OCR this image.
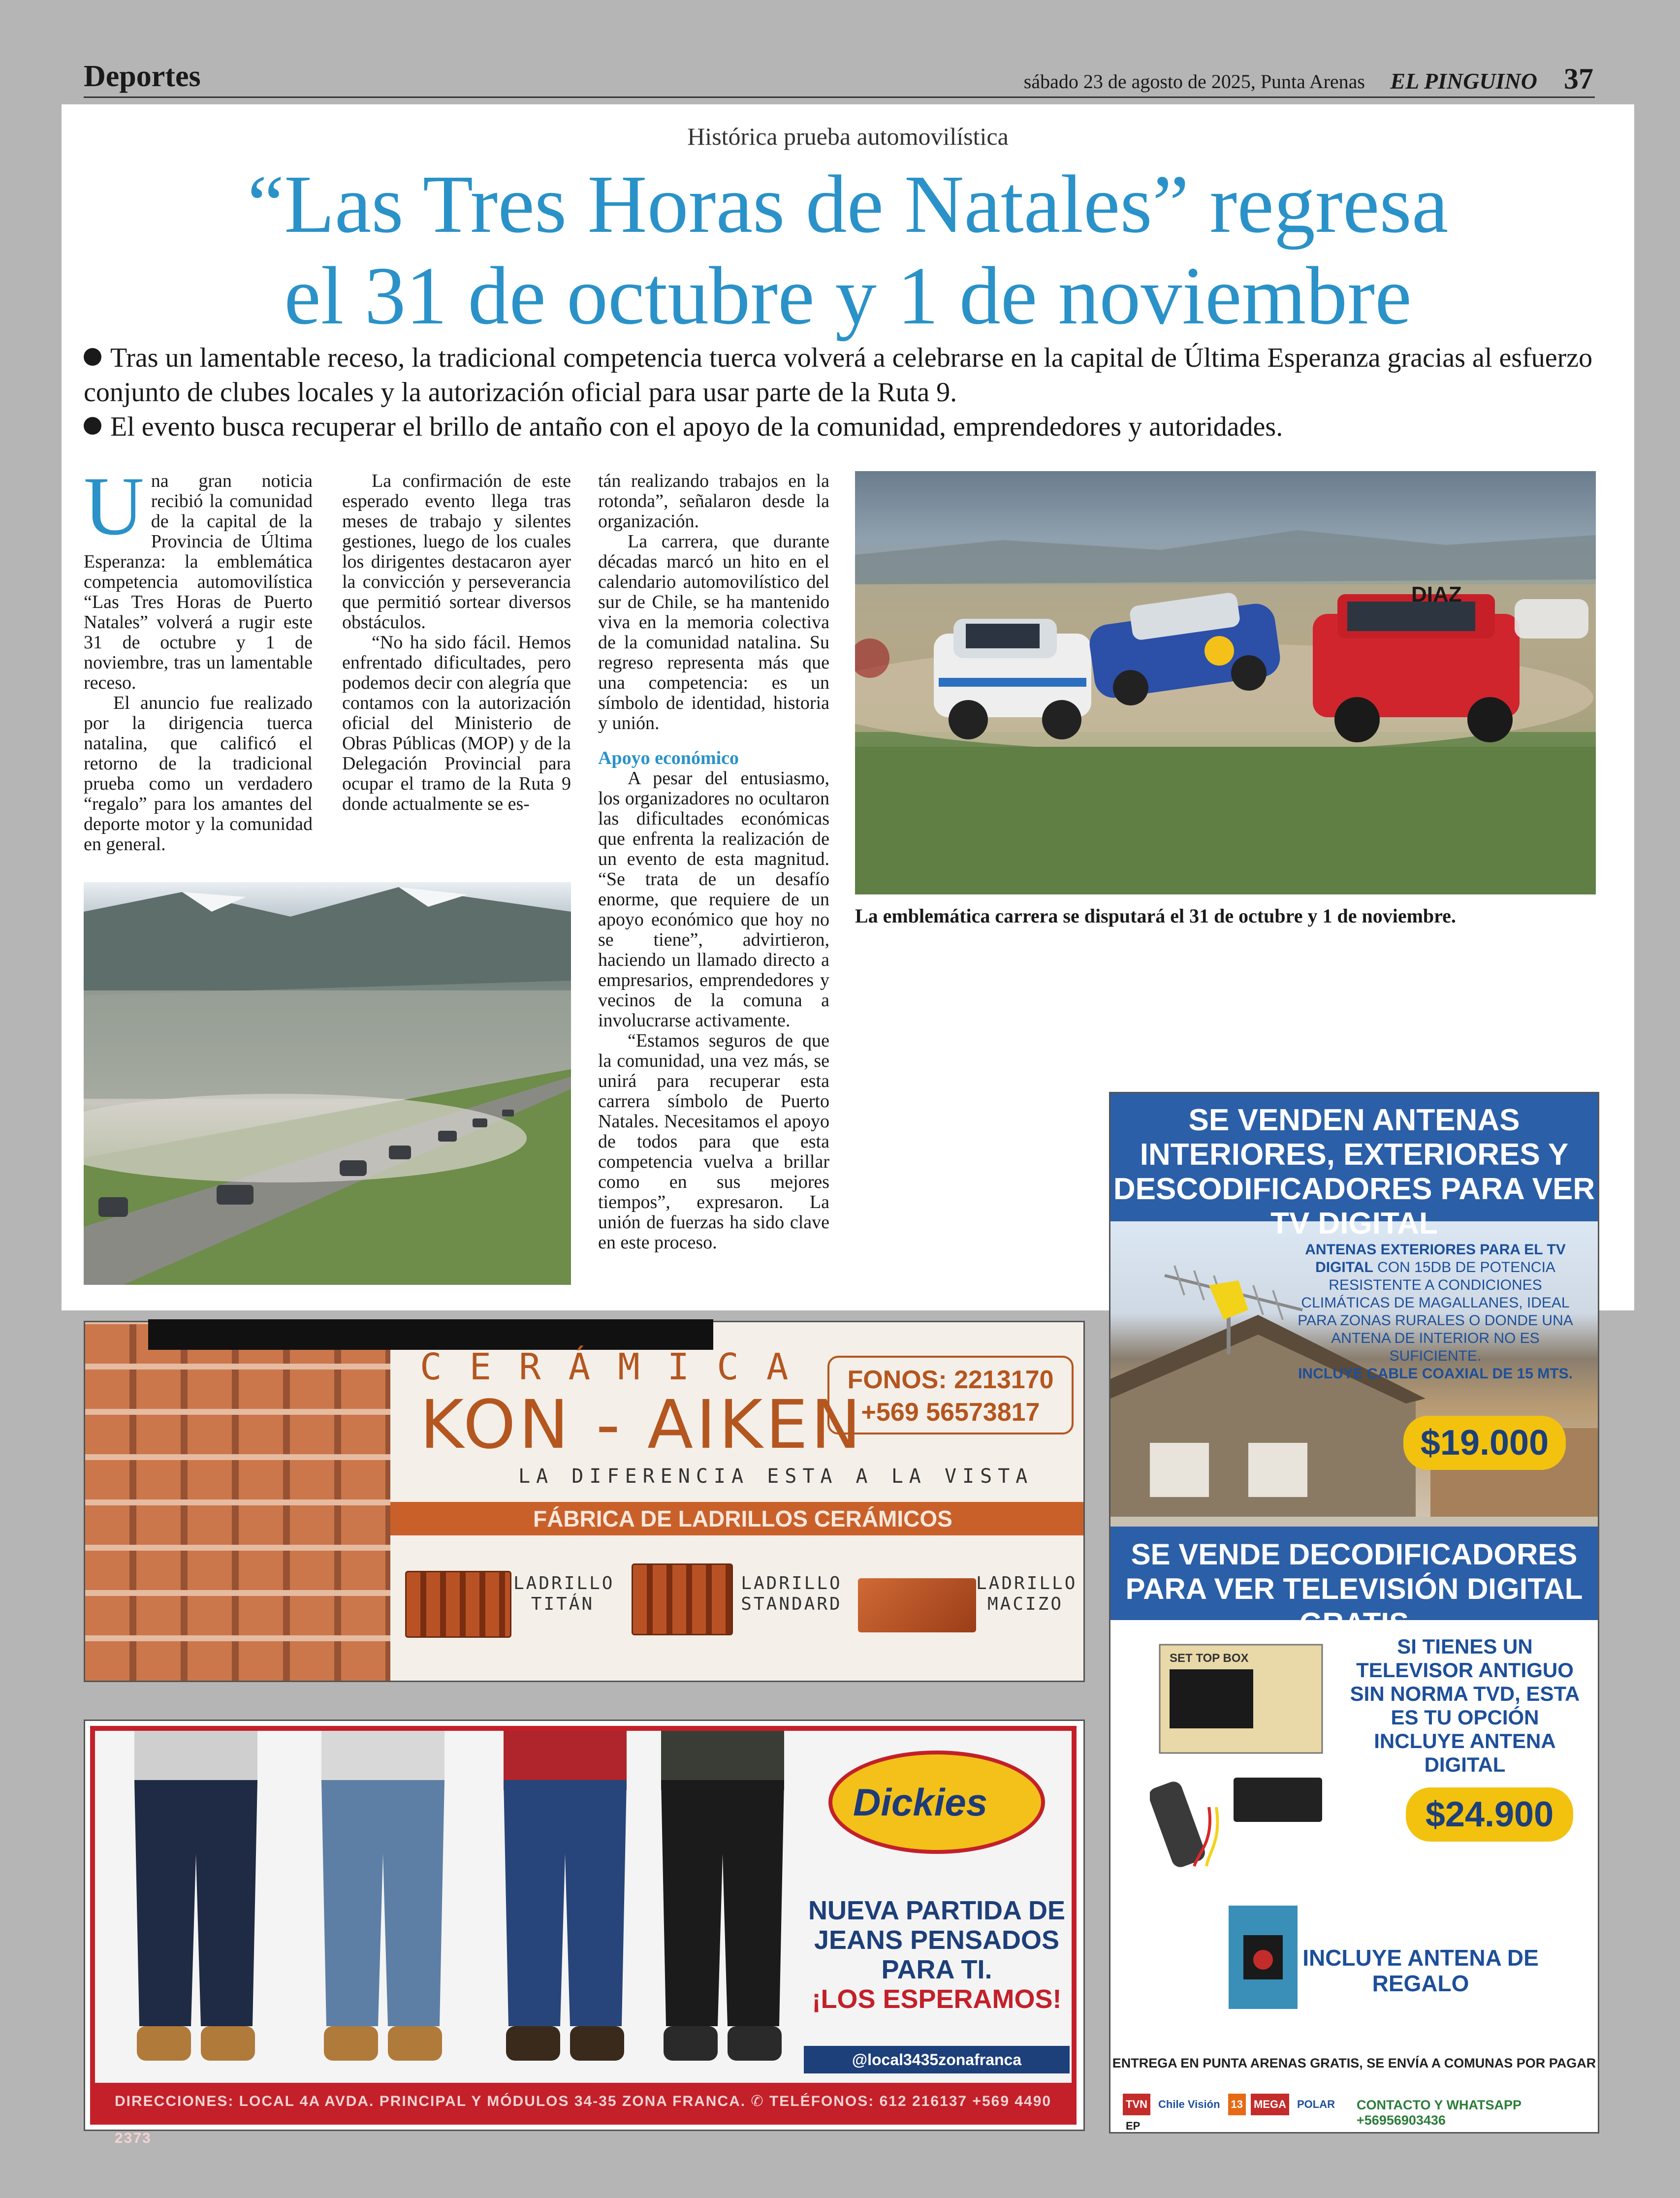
Deportes	sábado 23 de agosto de 2025, Punta Arenas EL PINGUINO 37
Histórica prueba automovilística
“Las Tres Horas de Natales” regresa
el 31 de octubre y 1 de noviembre
Tras un lamentable receso, la tradicional competencia tuerca volverá a celebrarse en la capital de Última Esperanza gracias al esfuerzo conjunto de clubes locales y la autorización oficial para usar parte de la Ruta 9.
El evento busca recuperar el brillo de antaño con el apoyo de la comunidad, emprendedores y autoridades.

Una gran noticia recibió la comunidad de la capital de la Provincia de Última Esperanza: la emblemática competencia automovilística “Las Tres Horas de Puerto Natales” volverá a rugir este 31 de octubre y 1 de noviembre, tras un lamentable receso.

El anuncio fue realizado por la dirigencia tuerca natalina, que calificó el retorno de la tradicional prueba como un verdadero “regalo” para los amantes del deporte motor y la comunidad en general.

La confirmación de este esperado evento llega tras meses de trabajo y silentes gestiones, luego de los cuales los dirigentes destacaron ayer la convicción y perseverancia que permitió sortear diversos obstáculos.

“No ha sido fácil. Hemos enfrentado dificultades, pero podemos decir con alegría que contamos con la autorización oficial del Ministerio de Obras Públicas (MOP) y de la Delegación Provincial para ocupar el tramo de la Ruta 9 donde actualmente se es-

tán realizando trabajos en la rotonda”, señalaron desde la organización.

La carrera, que durante décadas marcó un hito en el calendario automovilístico del sur de Chile, se ha mantenido viva en la memoria colectiva de la comunidad natalina. Su regreso representa más que una competencia: es un símbolo de identidad, historia y unión.

Apoyo económico

A pesar del entusiasmo, los organizadores no ocultaron las dificultades económicas que enfrenta la realización de un evento de esta magnitud. “Se trata de un desafío enorme, que requiere de un apoyo económico que hoy no se tiene”, advirtieron, haciendo un llamado directo a empresarios, emprendedores y vecinos de la comuna a involucrarse activamente.

“Estamos seguros de que la comunidad, una vez más, se unirá para recuperar esta carrera símbolo de Puerto Natales. Necesitamos el apoyo de todos para que esta competencia vuelva a brillar como en sus mejores tiempos”, expresaron. La unión de fuerzas ha sido clave en este proceso.

DIAZ
La emblemática carrera se disputará el 31 de octubre y 1 de noviembre.
SE VENDEN ANTENAS INTERIORES, EXTERIORES Y DESCODIFICADORES PARA VER TV DIGITAL
ANTENAS EXTERIORES PARA EL TV DIGITAL CON 15DB DE POTENCIA RESISTENTE A CONDICIONES CLIMÁTICAS DE MAGALLANES, IDEAL PARA ZONAS RURALES O DONDE UNA ANTENA DE INTERIOR NO ES SUFICIENTE.
INCLUYE CABLE COAXIAL DE 15 MTS.
$19.000
SE VENDE DECODIFICADORES PARA VER TELEVISIÓN DIGITAL GRATIS
SET TOP BOX
SI TIENES UN TELEVISOR ANTIGUO SIN NORMA TVD, ESTA ES TU OPCIÓN INCLUYE ANTENA DIGITAL
$24.900
INCLUYE ANTENA DE REGALO
ENTREGA EN PUNTA ARENAS GRATIS, SE ENVÍA A COMUNAS POR PAGAR
TVN Chile Visión 13 MEGA POLAREP
CONTACTO Y WHATSAPP +56956903436
CERÁMICA
KON - AIKEN
FONOS: 2213170
+569 56573817
LA DIFERENCIA ESTA A LA VISTA
FÁBRICA DE LADRILLOS CERÁMICOS
LADRILLO
TITÁN
LADRILLO
STANDARD
LADRILLO
MACIZO
Dickies
NUEVA PARTIDA DE JEANS PENSADOS PARA TI.
¡LOS ESPERAMOS!
@local3435zonafranca
DIRECCIONES: LOCAL 4A AVDA. PRINCIPAL Y MÓDULOS 34-35 ZONA FRANCA. ✆ TELÉFONOS: 612 216137 +569 4490 2373
